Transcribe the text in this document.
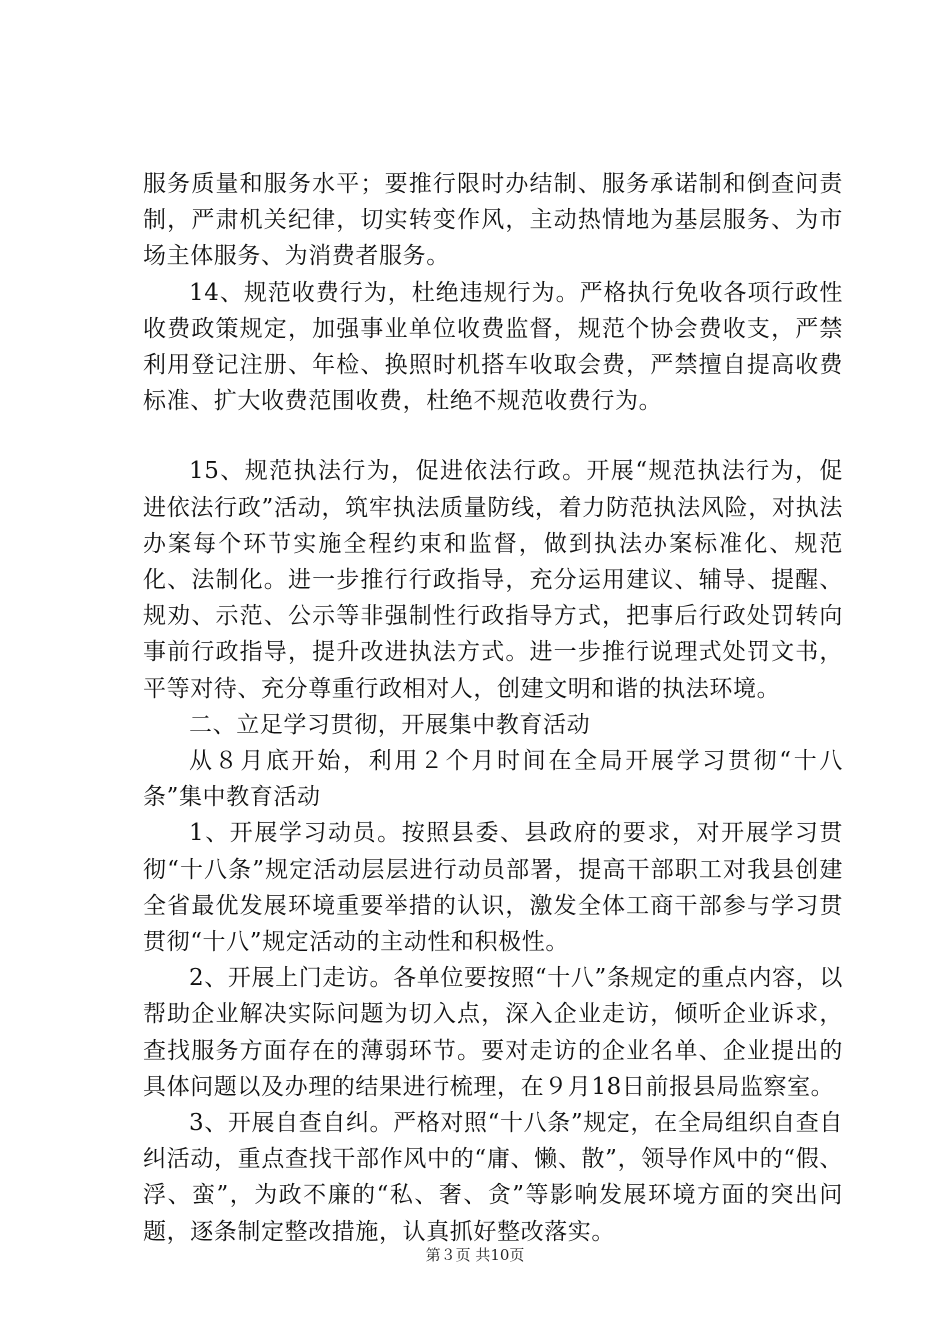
服务质量和服务水平；要推行限时办结制、服务承诺制和倒查问责制，严肃机关纪律，切实转变作风，主动热情地为基层服务、为市场主体服务、为消费者服务。

14、规范收费行为，杜绝违规行为。严格执行免收各项行政性收费政策规定，加强事业单位收费监督，规范个协会费收支，严禁利用登记注册、年检、换照时机搭车收取会费，严禁擅自提高收费标准、扩大收费范围收费，杜绝不规范收费行为。

15、规范执法行为，促进依法行政。开展“规范执法行为，促进依法行政”活动，筑牢执法质量防线，着力防范执法风险，对执法办案每个环节实施全程约束和监督，做到执法办案标准化、规范化、法制化。进一步推行行政指导，充分运用建议、辅导、提醒、规劝、示范、公示等非强制性行政指导方式，把事后行政处罚转向事前行政指导，提升改进执法方式。进一步推行说理式处罚文书，平等对待、充分尊重行政相对人，创建文明和谐的执法环境。

二、立足学习贯彻，开展集中教育活动

从８月底开始，利用２个月时间在全局开展学习贯彻“十八条”集中教育活动

1、开展学习动员。按照县委、县政府的要求，对开展学习贯彻“十八条”规定活动层层进行动员部署，提高干部职工对我县创建全省最优发展环境重要举措的认识，激发全体工商干部参与学习贯贯彻“十八”规定活动的主动性和积极性。

2、开展上门走访。各单位要按照“十八”条规定的重点内容，以帮助企业解决实际问题为切入点，深入企业走访，倾听企业诉求，查找服务方面存在的薄弱环节。要对走访的企业名单、企业提出的具体问题以及办理的结果进行梳理，在９月18日前报县局监察室。

3、开展自查自纠。严格对照“十八条”规定，在全局组织自查自纠活动，重点查找干部作风中的“庸、懒、散”，领导作风中的“假、浮、蛮”，为政不廉的“私、奢、贪”等影响发展环境方面的突出问题，逐条制定整改措施，认真抓好整改落实。

第３页 共10页
